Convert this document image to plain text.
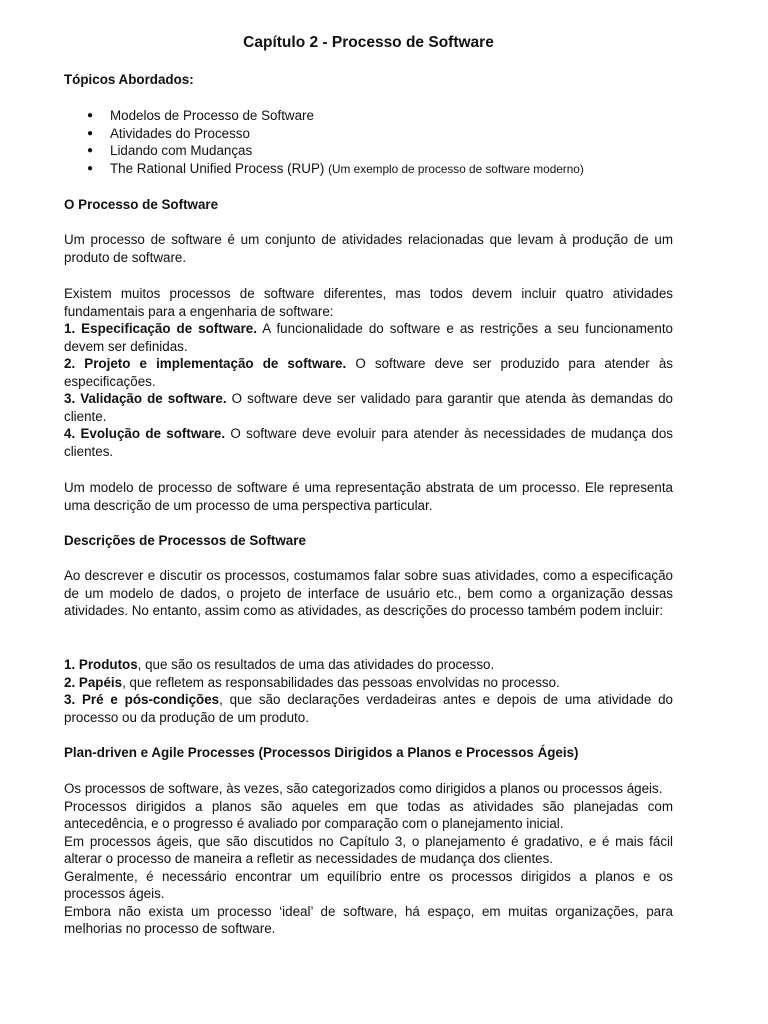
Capítulo 2 - Processo de Software
Tópicos Abordados:
● Modelos de Processo de Software
● Atividades do Processo
● Lidando com Mudanças
● The Rational Unified Process (RUP) (Um exemplo de processo de software moderno)
O Processo de Software

Um processo de software é um conjunto de atividades relacionadas que levam à produção de um produto de software.

Existem muitos processos de software diferentes, mas todos devem incluir quatro atividades fundamentais para a engenharia de software:

1. Especificação de software. A funcionalidade do software e as restrições a seu funcionamento devem ser definidas.

2. Projeto e implementação de software. O software deve ser produzido para atender às especificações.

3. Validação de software. O software deve ser validado para garantir que atenda às demandas do cliente.

4. Evolução de software. O software deve evoluir para atender às necessidades de mudança dos clientes.

Um modelo de processo de software é uma representação abstrata de um processo. Ele representa uma descrição de um processo de uma perspectiva particular.

Descrições de Processos de Software

Ao descrever e discutir os processos, costumamos falar sobre suas atividades, como a especificação de um modelo de dados, o projeto de interface de usuário etc., bem como a organização dessas atividades. No entanto, assim como as atividades, as descrições do processo também podem incluir:

1. Produtos, que são os resultados de uma das atividades do processo.

2. Papéis, que refletem as responsabilidades das pessoas envolvidas no processo.

3. Pré e pós-condições, que são declarações verdadeiras antes e depois de uma atividade do processo ou da produção de um produto.

Plan-driven e Agile Processes (Processos Dirigidos a Planos e Processos Ágeis)

Os processos de software, às vezes, são categorizados como dirigidos a planos ou processos ágeis.

Processos dirigidos a planos são aqueles em que todas as atividades são planejadas com antecedência, e o progresso é avaliado por comparação com o planejamento inicial.

Em processos ágeis, que são discutidos no Capítulo 3, o planejamento é gradativo, e é mais fácil alterar o processo de maneira a refletir as necessidades de mudança dos clientes.

Geralmente, é necessário encontrar um equilíbrio entre os processos dirigidos a planos e os processos ágeis.

Embora não exista um processo ‘ideal’ de software, há espaço, em muitas organizações, para melhorias no processo de software.
